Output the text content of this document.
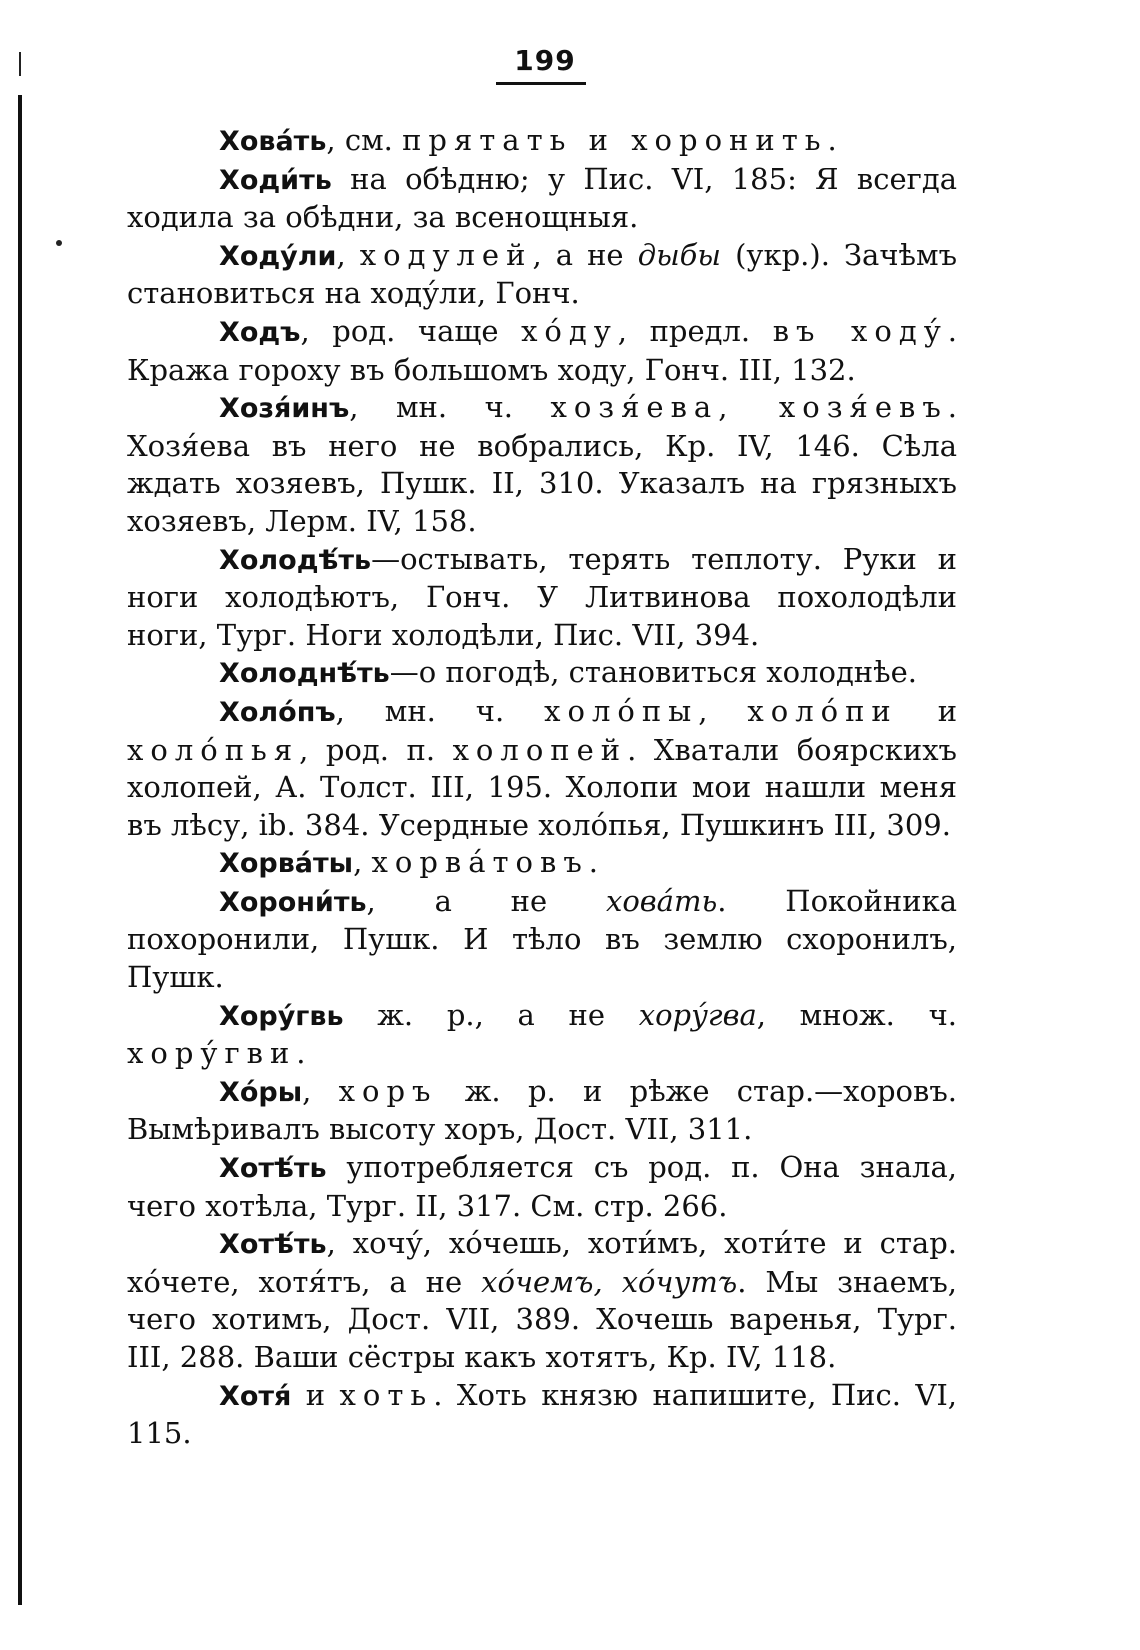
199

Хова́ть, см. прятать и хоронить.

Ходи́ть на обѣдню; у Пис. VI, 185: Я всегда ходила за обѣдни, за всенощныя.

Ходу́ли, ходулей, а не дыбы (укр.). Зачѣмъ становиться на ходу́ли, Гонч.

Ходъ, род. чаще хо́ду, предл. въ ходу́. Кража гороху въ большомъ ходу, Гонч. III, 132.

Хозя́инъ, мн. ч. хозя́ева, хозя́евъ. Хозя́ева въ него не вобрались, Кр. IV, 146. Сѣла ждать хозяевъ, Пушк. II, 310. Указалъ на грязныхъ хозяевъ, Лерм. IV, 158.

Холодѣ́ть—остывать, терять теплоту. Руки и ноги холодѣютъ, Гонч. У Литвинова похолодѣли ноги, Тург. Ноги холодѣли, Пис. VII, 394.

Холоднѣ́ть—о погодѣ, становиться холоднѣе.

Холо́пъ, мн. ч. холо́пы, холо́пи и холо́пья, род. п. холопей. Хватали боярскихъ холопей, А. Толст. III, 195. Холопи мои нашли меня въ лѣсу, ib. 384. Усердные холо́пья, Пушкинъ III, 309.

Хорва́ты, хорва́товъ.

Хорони́ть, а не хова́ть. Покойника похоронили, Пушк. И тѣло въ землю схоронилъ, Пушк.

Хору́гвь ж. р., а не хору́гва, множ. ч. хору́гви.

Хо́ры, хоръ ж. р. и рѣже стар.—хоровъ. Вымѣривалъ высоту хоръ, Дост. VII, 311.

Хотѣ́ть употребляется съ род. п. Она знала, чего хотѣла, Тург. II, 317. См. стр. 266.

Хотѣ́ть, хочу́, хо́чешь, хоти́мъ, хоти́те и стар. хо́чете, хотя́тъ, а не хо́чемъ, хо́чутъ. Мы знаемъ, чего хотимъ, Дост. VII, 389. Хочешь варенья, Тург. III, 288. Ваши сёстры какъ хотятъ, Кр. IV, 118.

Хотя́ и хоть. Хоть князю напишите, Пис. VI, 115.
